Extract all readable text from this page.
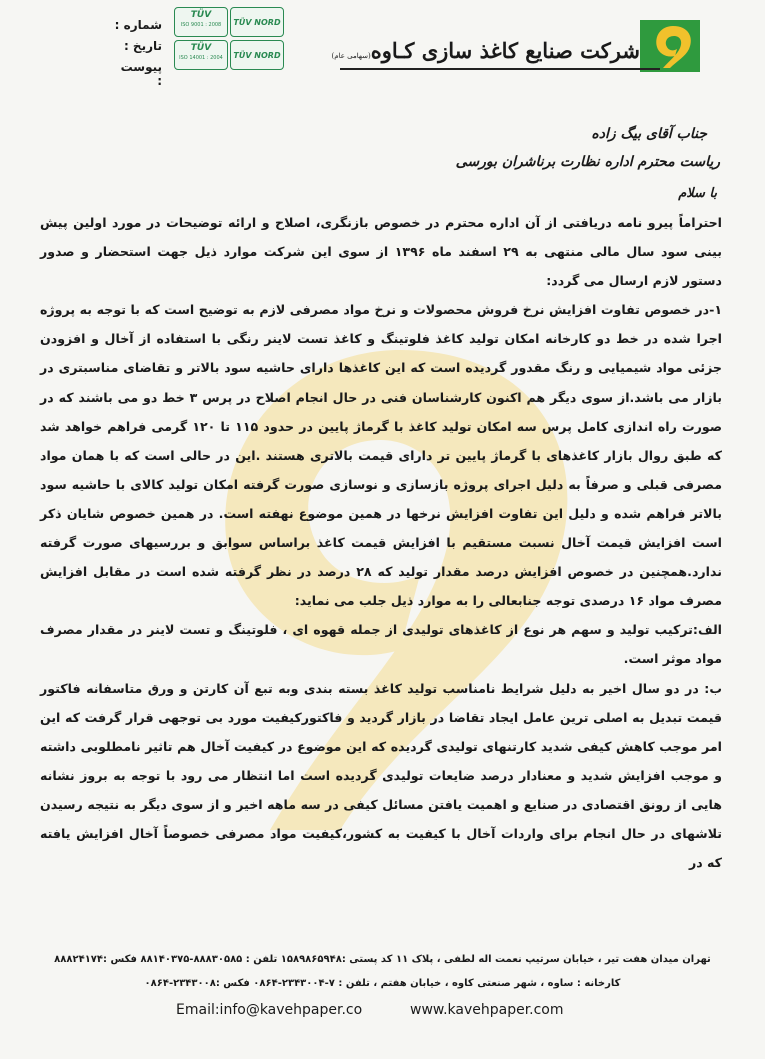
شرکت صنایع کاغذ سازی کـاوه(سهامی عام)
TÜV
ISO 9001 : 2008	TÜV NORD
TÜV
ISO 14001 : 2004	TÜV NORD
شماره :
تاریخ :
پیوست :
جناب آقای بیگ زاده
ریاست محترم اداره نظارت برناشران بورسی
با سلام

احتراماً پیرو نامه دریافتی از آن اداره محترم در خصوص بازنگری، اصلاح و ارائه توضیحات در مورد اولین پیش بینی سود سال مالی منتهی به ۲۹ اسفند ماه ۱۳۹۶ از سوی این شرکت موارد ذیل جهت استحضار و صدور دستور لازم ارسال می گردد:

۱-در خصوص تفاوت افزایش نرخ فروش محصولات و نرخ مواد مصرفی لازم به توضیح است که با توجه به پروژه اجرا شده در خط دو کارخانه امکان تولید کاغذ فلوتینگ و کاغذ تست لاینر رنگی با استفاده از آخال و افزودن جزئی مواد شیمیایی و رنگ مقدور گردیده است که این کاغذها دارای حاشیه سود بالاتر و تقاضای مناسبتری در بازار می باشد.از سوی دیگر هم اکنون کارشناسان فنی در حال انجام اصلاح در پرس ۳ خط دو می باشند که در صورت راه اندازی کامل پرس سه امکان تولید کاغذ با گرماژ پایین در حدود ۱۱۵ تا ۱۲۰ گرمی فراهم خواهد شد که طبق روال بازار کاغذهای با گرماژ پایین تر دارای قیمت بالاتری هستند .این در حالی است که با همان مواد مصرفی قبلی و صرفاً به دلیل اجرای پروژه بازسازی و نوسازی صورت گرفته امکان تولید کالای با حاشیه سود بالاتر فراهم شده و دلیل این تفاوت افزایش نرخها در همین موضوع نهفته است. در همین خصوص شایان ذکر است افزایش قیمت آخال نسبت مستقیم با افزایش قیمت کاغذ براساس سوابق و بررسیهای صورت گرفته ندارد.همچنین در خصوص افزایش درصد مقدار تولید که ۲۸ درصد در نظر گرفته شده است در مقابل افزایش مصرف مواد ۱۶ درصدی توجه جنابعالی را به موارد ذیل جلب می نماید:

الف:ترکیب تولید و سهم هر نوع از کاغذهای تولیدی از جمله قهوه ای ، فلوتینگ و تست لاینر در مقدار مصرف مواد موثر است.

ب: در دو سال اخیر به دلیل شرایط نامناسب تولید کاغذ بسته بندی وبه تبع آن کارتن و ورق متاسفانه فاکتور قیمت تبدیل به اصلی ترین عامل ایجاد تقاضا در بازار گردید و فاکتورکیفیت مورد بی توجهی قرار گرفت که این امر موجب کاهش کیفی شدید کارتنهای تولیدی گردیده که این موضوع در کیفیت آخال هم تاثیر نامطلوبی داشته و موجب افزایش شدید و معنادار درصد ضایعات تولیدی گردیده است اما انتظار می رود با توجه به بروز نشانه هایی از رونق اقتصادی در صنایع و اهمیت یافتن مسائل کیفی در سه ماهه اخیر و از سوی دیگر به نتیجه رسیدن تلاشهای در حال انجام برای واردات آخال با کیفیت به کشور،کیفیت مواد مصرفی خصوصاً آخال افزایش یافته که در

تهران میدان هفت تیر ، خیابان سرتیپ نعمت اله لطفی ، پلاک ۱۱ کد پستی :۱۵۸۹۸۶۵۹۴۸ تلفن : ۸۸۸۳۰۵۸۵-۸۸۱۴۰۳۷۵ فکس :۸۸۸۲۴۱۷۴
کارخانه : ساوه ، شهر صنعتی کاوه ، خیابان هفتم ، تلفن : ۷-۲۳۴۳۰۰۴-۰۸۶۴ فکس :۲۳۴۳۰۰۸-۰۸۶۴
Email:info@kavehpaper.co	www.kavehpaper.com
